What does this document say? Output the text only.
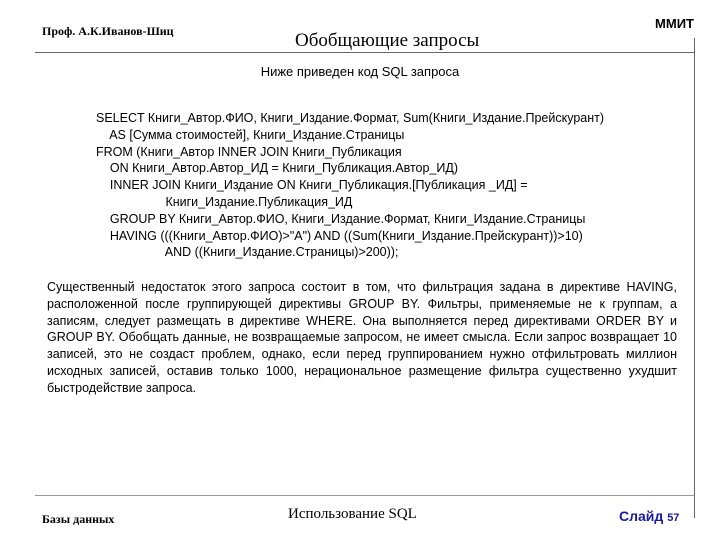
Проф. А.К.Иванов-Шиц	Обобщающие запросы
ММИТ
Ниже приведен код SQL запроса
SELECT Книги_Автор.ФИО, Книги_Издание.Формат, Sum(Книги_Издание.Прейскурант)
AS [Сумма стоимостей], Книги_Издание.Страницы
FROM (Книги_Автор INNER JOIN Книги_Публикация
ON Книги_Автор.Автор_ИД = Книги_Публикация.Автор_ИД)
INNER JOIN Книги_Издание ON Книги_Публикация.[Публикация _ИД] =
Книги_Издание.Публикация_ИД
GROUP BY Книги_Автор.ФИО, Книги_Издание.Формат, Книги_Издание.Страницы
HAVING (((Книги_Автор.ФИО)>"А") AND ((Sum(Книги_Издание.Прейскурант))>10)
AND ((Книги_Издание.Страницы)>200));
Существенный недостаток этого запроса состоит в том, что фильтрация задана в директиве HAVING, расположенной после группирующей директивы GROUP BY. Фильтры, применяемые не к группам, а записям, следует размещать в директиве WHERE. Она выполняется перед директивами ORDER BY и GROUP BY. Обобщать данные, не возвращаемые запросом, не имеет смысла. Если запрос возвращает 10 записей, это не создаст проблем, однако, если перед группированием нужно отфильтровать миллион исходных записей, оставив только 1000, нерациональное размещение фильтра существенно ухудшит быстродействие запроса.
Базы данных	Использование SQL	Слайд 57
